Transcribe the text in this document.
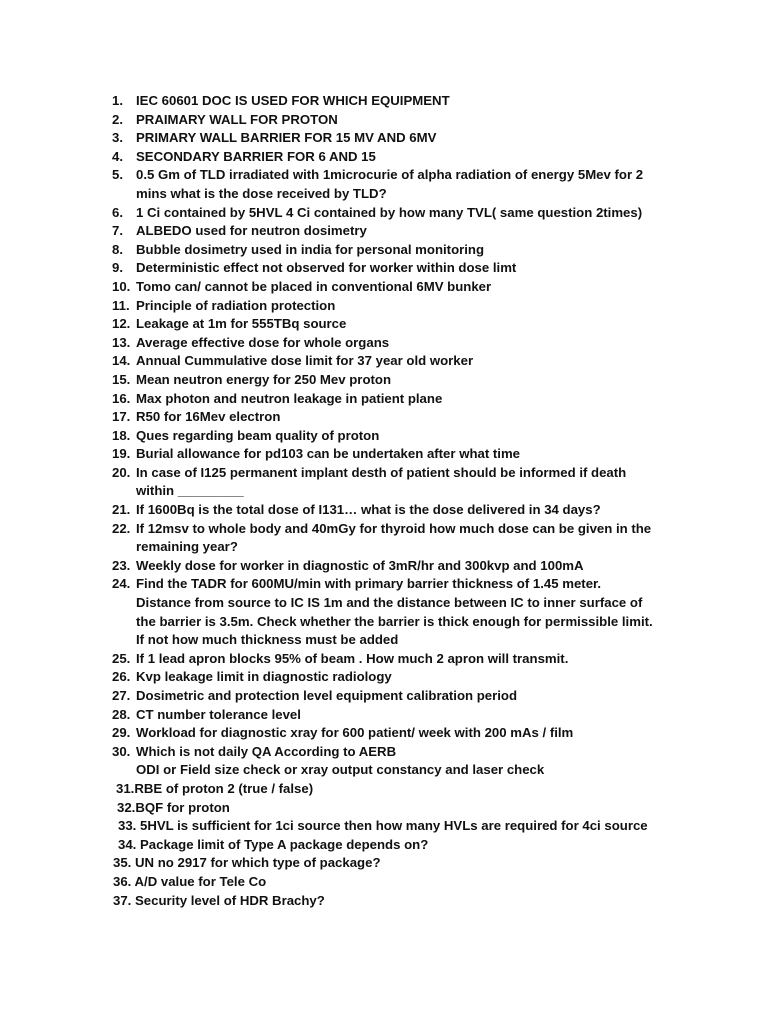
1. IEC 60601 DOC IS USED FOR WHICH EQUIPMENT
2. PRAIMARY WALL FOR PROTON
3. PRIMARY WALL BARRIER FOR 15 MV AND 6MV
4. SECONDARY BARRIER FOR 6 AND 15
5. 0.5 Gm of TLD irradiated with 1microcurie of alpha radiation of energy 5Mev for 2
mins what is the dose received by TLD?
6. 1 Ci contained by 5HVL 4 Ci contained by how many TVL( same question 2times)
7. ALBEDO used for neutron dosimetry
8. Bubble dosimetry used in india for personal monitoring
9. Deterministic effect not observed for worker within dose limt
10. Tomo can/ cannot be placed in conventional 6MV bunker
11. Principle of radiation protection
12. Leakage at 1m for 555TBq source
13. Average effective dose for whole organs
14. Annual Cummulative dose limit for 37 year old worker
15. Mean neutron energy for 250 Mev proton
16. Max photon and neutron leakage in patient plane
17. R50 for 16Mev electron
18. Ques regarding beam quality of proton
19. Burial allowance for pd103 can be undertaken after what time
20. In case of I125 permanent implant desth of patient should be informed if death
within _________
21. If 1600Bq is the total dose of I131… what is the dose delivered in 34 days?
22. If 12msv to whole body and 40mGy for thyroid how much dose can be given in the
remaining year?
23. Weekly dose for worker in diagnostic of 3mR/hr and 300kvp and 100mA
24. Find the TADR for 600MU/min with primary barrier thickness of 1.45 meter.
Distance from source to IC IS 1m and the distance between IC to inner surface of
the barrier is 3.5m. Check whether the barrier is thick enough for permissible limit.
If not how much thickness must be added
25. If 1 lead apron blocks 95% of beam . How much 2 apron will transmit.
26. Kvp leakage limit in diagnostic radiology
27. Dosimetric and protection level equipment calibration period
28. CT number tolerance level
29. Workload for diagnostic xray for 600 patient/ week with 200 mAs / film
30. Which is not daily QA According to AERB
ODI or Field size check or xray output constancy and laser check
31.RBE of proton 2 (true / false)
32.BQF for proton
33. 5HVL is sufficient for 1ci source then how many HVLs are required for 4ci source
34. Package limit of Type A package depends on?
35. UN no 2917 for which type of package?
36. A/D value for Tele Co
37. Security level of HDR Brachy?
